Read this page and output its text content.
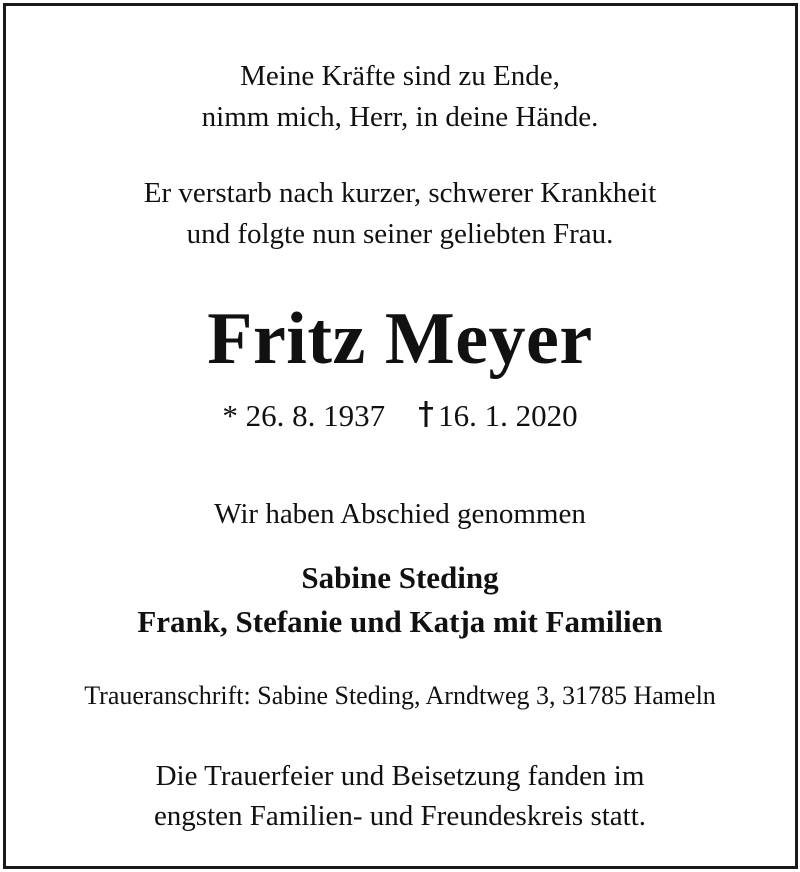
Meine Kräfte sind zu Ende,
nimm mich, Herr, in deine Hände.
Er verstarb nach kurzer, schwerer Krankheit
und folgte nun seiner geliebten Frau.
Fritz Meyer
* 26. 8. 1937 16. 1. 2020
Wir haben Abschied genommen
Sabine Steding
Frank, Stefanie und Katja mit Familien
Traueranschrift: Sabine Steding, Arndtweg 3, 31785 Hameln
Die Trauerfeier und Beisetzung fanden im
engsten Familien- und Freundeskreis statt.
